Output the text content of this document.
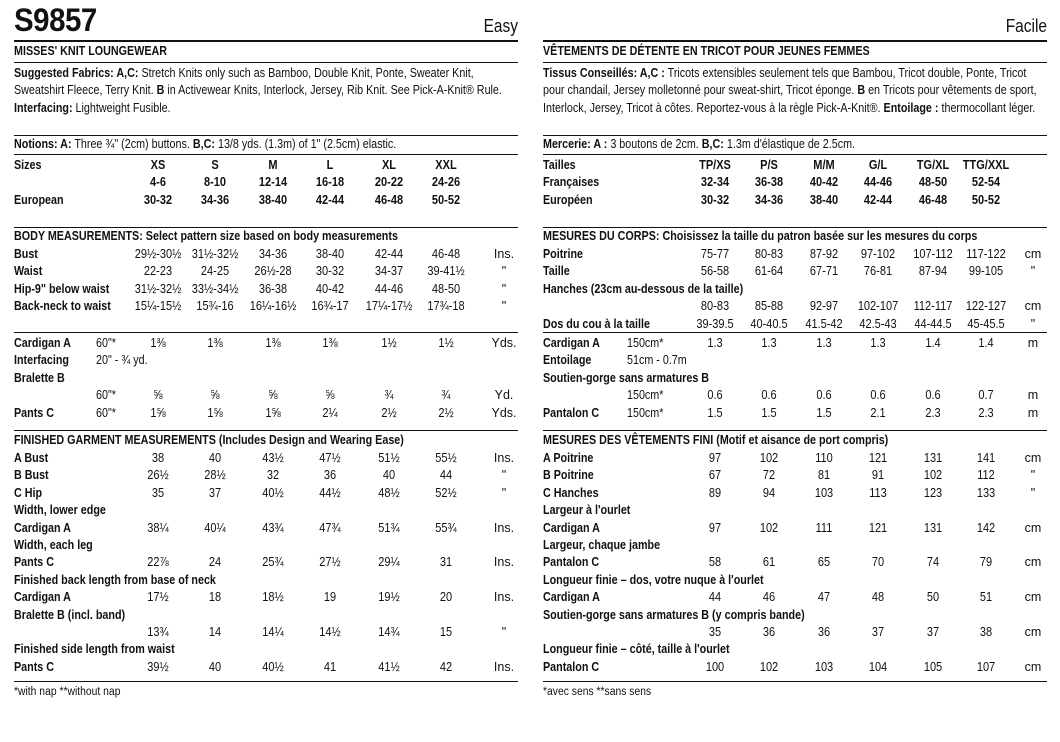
S9857	Easy
MISSES' KNIT LOUNGEWEAR
Suggested Fabrics: A,C: Stretch Knits only such as Bamboo, Double Knit, Ponte, Sweater Knit, Sweatshirt Fleece, Terry Knit. B in Activewear Knits, Interlock, Jersey, Rib Knit. See Pick-A-Knit® Rule. Interfacing: Lightweight Fusible.
Notions: A: Three ¾" (2cm) buttons. B,C: 13/8 yds. (1.3m) of 1" (2.5cm) elastic.
Sizes	XS	S	M	L	XL	XXL
4-6	8-10	12-14 16-18 20-22 24-26
European	30-32 34-36 38-40 42-44 46-48 50-52
BODY MEASUREMENTS: Select pattern size based on body measurements
Bust	29½-30½ 31½-32½ 34-36 38-40 42-44 46-48	Ins.
Waist	22-23 24-25 26½-28 30-32 34-37 39-41½	"
Hip-9" below waist 31½-32½ 33½-34½ 36-38 40-42 44-46 48-50	"
Back-neck to waist 15¼-15½ 15¾-16 16¼-16½ 16¾-17 17¼-17½ 17¾-18	"
Cardigan A 60"*	1⅜	1⅜	1⅜	1⅜	1½	1½	Yds.
Interfacing 20" - ¾ yd.
Bralette B
60"*	⅝	⅝	⅝	⅝	¾	¾	Yd.
Pants C	60"*	1⅝	1⅝	1⅝	2¼	2½	2½	Yds.
FINISHED GARMENT MEASUREMENTS (Includes Design and Wearing Ease)
A Bust	38	40	43½	47½	51½	55½	Ins.
B Bust	26½	28½	32	36	40	44	"
C Hip	35	37	40½	44½	48½	52½	"
Width, lower edge
Cardigan A	38¼	40¼	43¾	47¾	51¾	55¾	Ins.
Width, each leg
Pants C	22⅞	24	25¾	27½	29¼	31	Ins.
Finished back length from base of neck
Cardigan A	17½	18	18½	19	19½	20	Ins.
Bralette B (incl. band)
13¾	14	14¼	14½	14¾	15	"
Finished side length from waist
Pants C	39½	40	40½	41	41½	42	Ins.
*with nap **without nap
Facile
VÊTEMENTS DE DÉTENTE EN TRICOT POUR JEUNES FEMMES
Tissus Conseillés: A,C : Tricots extensibles seulement tels que Bambou, Tricot double, Ponte, Tricot pour chandail, Jersey molletonné pour sweat-shirt, Tricot éponge. B en Tricots pour vêtements de sport, Interlock, Jersey, Tricot à côtes. Reportez-vous à la règle Pick-A-Knit®. Entoilage : thermocollant léger.
Mercerie: A : 3 boutons de 2cm. B,C: 1.3m d'élastique de 2.5cm.
Tailles	TP/XS P/S	M/M	G/L TG/XL TTG/XXL
Françaises	32-34 36-38 40-42 44-46 48-50 52-54
Européen	30-32 34-36 38-40 42-44 46-48 50-52
MESURES DU CORPS: Choisissez la taille du patron basée sur les mesures du corps
Poitrine	75-77 80-83 87-92 97-102 107-112 117-122 cm
Taille	56-58 61-64 67-71 76-81 87-94 99-105 "
Hanches (23cm au-dessous de la taille)
80-83 85-88 92-97 102-107 112-117 122-127 cm
Dos du cou à la taille	39-39.5 40-40.5 41.5-42 42.5-43 44-44.5 45-45.5 "
Cardigan A 150cm*	1.3	1.3	1.3	1.3	1.4	1.4	m
Entoilage	51cm - 0.7m
Soutien-gorge sans armatures B
150cm*	0.6	0.6	0.6	0.6	0.6	0.7	m
Pantalon C 150cm*	1.5	1.5	1.5	2.1	2.3	2.3	m
MESURES DES VÊTEMENTS FINI (Motif et aisance de port compris)
A Poitrine	97	102	110	121	131	141 cm
B Poitrine	67	72	81	91	102	112	"
C Hanches	89	94	103	113	123	133	"
Largeur à l'ourlet
Cardigan A	97	102	111	121	131	142 cm
Largeur, chaque jambe
Pantalon C	58	61	65	70	74	79	cm
Longueur finie – dos, votre nuque à l'ourlet
Cardigan A	44	46	47	48	50	51	cm
Soutien-gorge sans armatures B (y compris bande)
35	36	36	37	37	38	cm
Longueur finie – côté, taille à l'ourlet
Pantalon C	100	102	103	104	105	107 cm
*avec sens **sans sens
